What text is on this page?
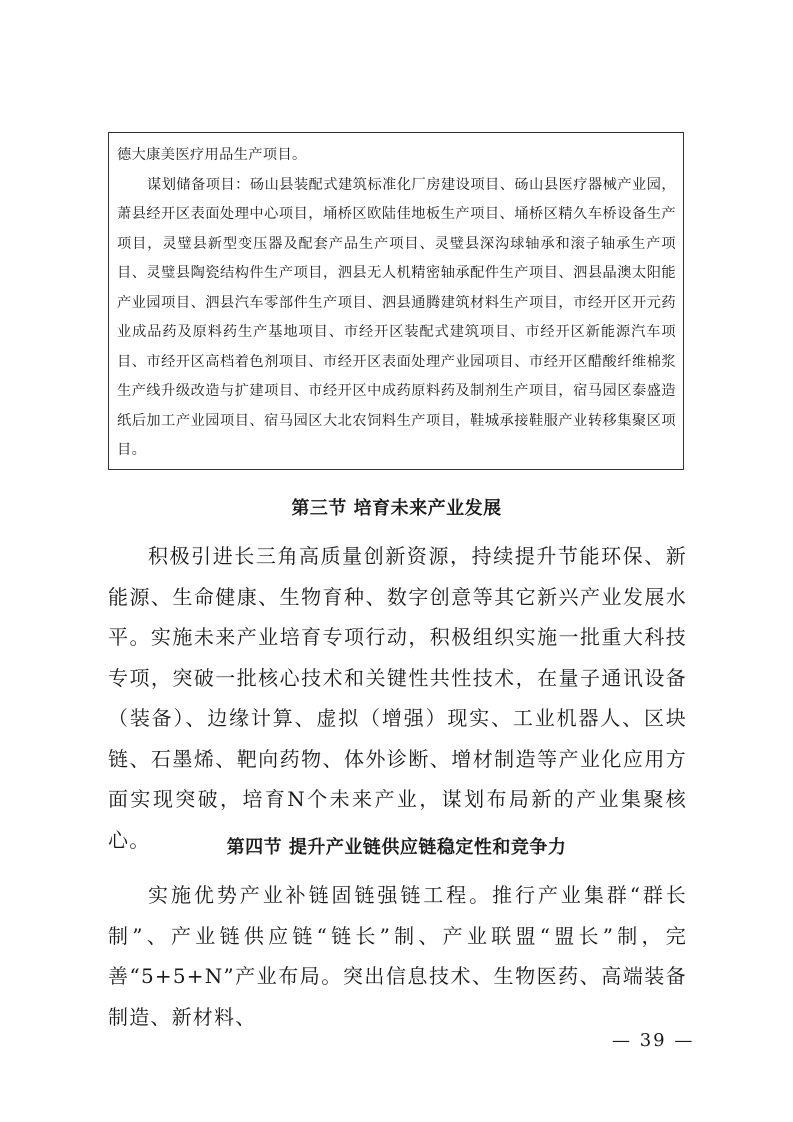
德大康美医疗用品生产项目。

谋划储备项目：砀山县装配式建筑标准化厂房建设项目、砀山县医疗器械产业园，萧县经开区表面处理中心项目，埇桥区欧陆佳地板生产项目、埇桥区精久车桥设备生产项目，灵璧县新型变压器及配套产品生产项目、灵璧县深沟球轴承和滚子轴承生产项目、灵璧县陶瓷结构件生产项目，泗县无人机精密轴承配件生产项目、泗县晶澳太阳能产业园项目、泗县汽车零部件生产项目、泗县通腾建筑材料生产项目，市经开区开元药业成品药及原料药生产基地项目、市经开区装配式建筑项目、市经开区新能源汽车项目、市经开区高档着色剂项目、市经开区表面处理产业园项目、市经开区醋酸纤维棉浆生产线升级改造与扩建项目、市经开区中成药原料药及制剂生产项目，宿马园区泰盛造纸后加工产业园项目、宿马园区大北农饲料生产项目，鞋城承接鞋服产业转移集聚区项目。

第三节 培育未来产业发展

积极引进长三角高质量创新资源，持续提升节能环保、新能源、生命健康、生物育种、数字创意等其它新兴产业发展水平。实施未来产业培育专项行动，积极组织实施一批重大科技专项，突破一批核心技术和关键性共性技术，在量子通讯设备（装备）、边缘计算、虚拟（增强）现实、工业机器人、区块链、石墨烯、靶向药物、体外诊断、增材制造等产业化应用方面实现突破，培育N个未来产业，谋划布局新的产业集聚核心。	第四节 提升产业链供应链稳定性和竞争力

实施优势产业补链固链强链工程。推行产业集群“群长制”、产业链供应链“链长”制、产业联盟“盟长”制，完善“5+5+N”产业布局。突出信息技术、生物医药、高端装备制造、新材料、

— 39 —
